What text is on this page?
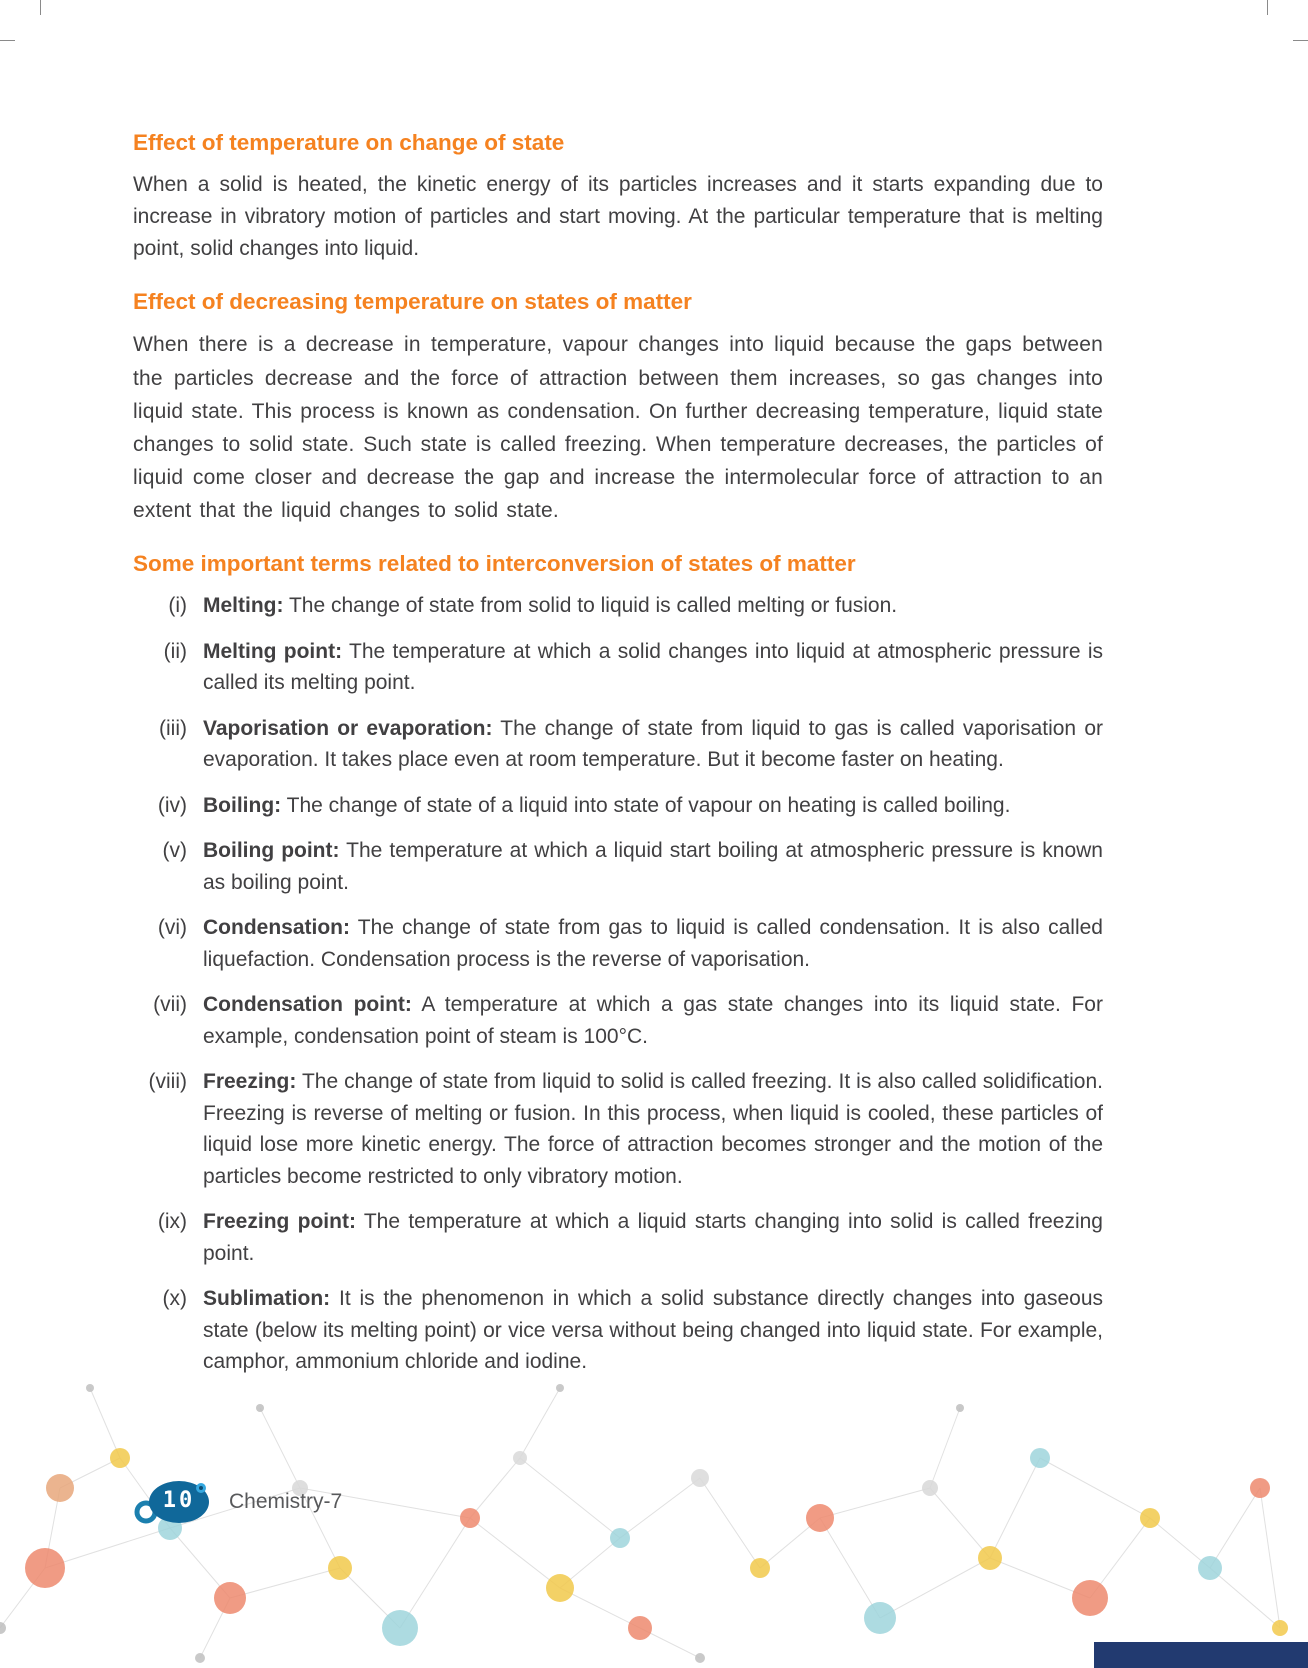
Effect of temperature on change of state

When a solid is heated, the kinetic energy of its particles increases and it starts expanding due to increase in vibratory motion of particles and start moving. At the particular temperature that is melting point, solid changes into liquid.

Effect of decreasing temperature on states of matter

When there is a decrease in temperature, vapour changes into liquid because the gaps between the particles decrease and the force of attraction between them increases, so gas changes into liquid state. This process is known as condensation. On further decreasing temperature, liquid state changes to solid state. Such state is called freezing. When temperature decreases, the particles of liquid come closer and decrease the gap and increase the intermolecular force of attraction to an extent that the liquid changes to solid state.

Some important terms related to interconversion of states of matter
(i) Melting: The change of state from solid to liquid is called melting or fusion.
(ii) Melting point: The temperature at which a solid changes into liquid at atmospheric pressure is called its melting point.
(iii) Vaporisation or evaporation: The change of state from liquid to gas is called vaporisation or evaporation. It takes place even at room temperature. But it become faster on heating.
(iv) Boiling: The change of state of a liquid into state of vapour on heating is called boiling.
(v) Boiling point: The temperature at which a liquid start boiling at atmospheric pressure is known as boiling point.
(vi) Condensation: The change of state from gas to liquid is called condensation. It is also called liquefaction. Condensation process is the reverse of vaporisation.
(vii) Condensation point: A temperature at which a gas state changes into its liquid state. For example, condensation point of steam is 100°C.
(viii) Freezing: The change of state from liquid to solid is called freezing. It is also called solidification. Freezing is reverse of melting or fusion. In this process, when liquid is cooled, these particles of liquid lose more kinetic energy. The force of attraction becomes stronger and the motion of the particles become restricted to only vibratory motion.
(ix) Freezing point: The temperature at which a liquid starts changing into solid is called freezing point.
(x) Sublimation: It is the phenomenon in which a solid substance directly changes into gaseous state (below its melting point) or vice versa without being changed into liquid state. For example, camphor, ammonium chloride and iodine.
10 Chemistry-7
